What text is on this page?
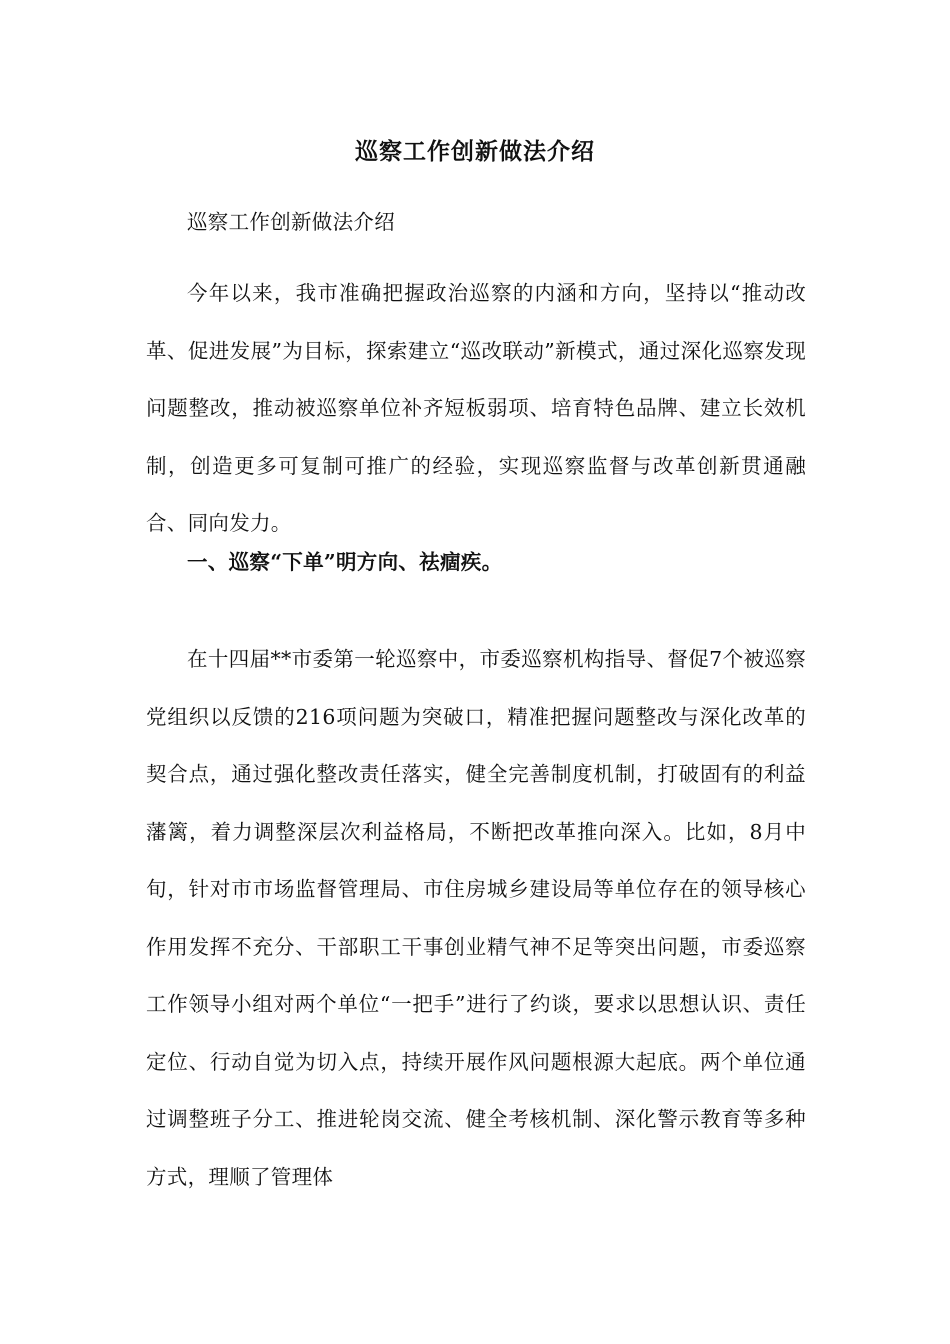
巡察工作创新做法介绍

巡察工作创新做法介绍

今年以来，我市准确把握政治巡察的内涵和方向，坚持以“推动改革、促进发展”为目标，探索建立“巡改联动”新模式，通过深化巡察发现问题整改，推动被巡察单位补齐短板弱项、培育特色品牌、建立长效机制，创造更多可复制可推广的经验，实现巡察监督与改革创新贯通融合、同向发力。

一、巡察“下单”明方向、祛痼疾。

在十四届**市委第一轮巡察中，市委巡察机构指导、督促7个被巡察党组织以反馈的216项问题为突破口，精准把握问题整改与深化改革的契合点，通过强化整改责任落实，健全完善制度机制，打破固有的利益藩篱，着力调整深层次利益格局，不断把改革推向深入。比如，8月中旬，针对市市场监督管理局、市住房城乡建设局等单位存在的领导核心作用发挥不充分、干部职工干事创业精气神不足等突出问题，市委巡察工作领导小组对两个单位“一把手”进行了约谈，要求以思想认识、责任定位、行动自觉为切入点，持续开展作风问题根源大起底。两个单位通过调整班子分工、推进轮岗交流、健全考核机制、深化警示教育等多种方式，理顺了管理体
